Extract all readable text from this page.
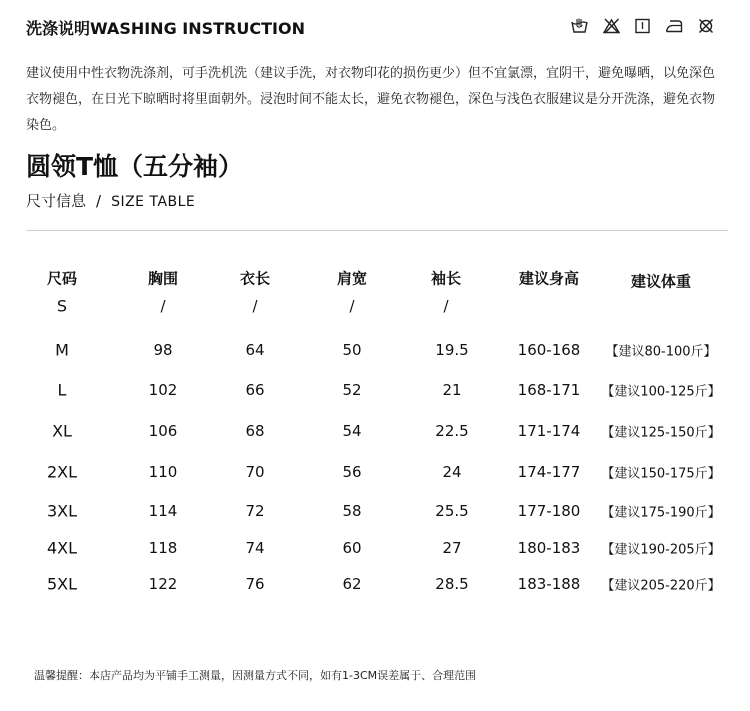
洗涤说明WASHING INSTRUCTION
建议使用中性衣物洗涤剂，可手洗机洗（建议手洗，对衣物印花的损伤更少）但不宜氯漂，宜阴干，避免曝晒，以免深色衣物褪色，在日光下晾晒时将里面朝外。浸泡时间不能太长，避免衣物褪色，深色与浅色衣服建议是分开洗涤，避免衣物染色。
圆领T恤（五分袖）
尺寸信息 / SIZE TABLE
尺码	胸围	衣长	肩宽	袖长	建议身高	建议体重
S	/	/	/	/
M	98	64	50	19.5	160-168 【建议80-100斤】
L	102	66	52	21	168-171 【建议100-125斤】
XL	106	68	54	22.5	171-174 【建议125-150斤】
2XL	110	70	56	24	174-177 【建议150-175斤】
3XL	114	72	58	25.5	177-180 【建议175-190斤】
4XL	118	74	60	27	180-183 【建议190-205斤】
5XL	122	76	62	28.5	183-188 【建议205-220斤】
温馨提醒：本店产品均为平铺手工测量，因测量方式不同，如有1-3CM误差属于、合理范围
